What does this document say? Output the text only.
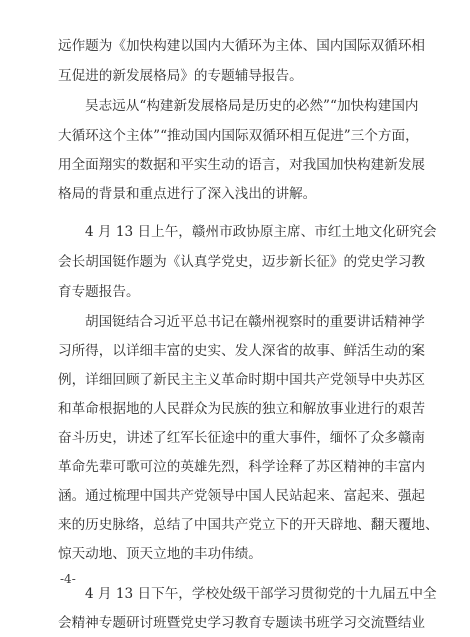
远作题为《加快构建以国内大循环为主体、国内国际双循环相
互促进的新发展格局》的专题辅导报告。
吴志远从“构建新发展格局是历史的必然”“加快构建国内
大循环这个主体”“推动国内国际双循环相互促进”三个方面，
用全面翔实的数据和平实生动的语言，对我国加快构建新发展
格局的背景和重点进行了深入浅出的讲解。
4 月 13 日上午，赣州市政协原主席、市红土地文化研究会
会长胡国铤作题为《认真学党史，迈步新长征》的党史学习教
育专题报告。
胡国铤结合习近平总书记在赣州视察时的重要讲话精神学
习所得，以详细丰富的史实、发人深省的故事、鲜活生动的案
例，详细回顾了新民主主义革命时期中国共产党领导中央苏区
和革命根据地的人民群众为民族的独立和解放事业进行的艰苦
奋斗历史，讲述了红军长征途中的重大事件，缅怀了众多赣南
革命先辈可歌可泣的英雄先烈，科学诠释了苏区精神的丰富内
涵。通过梳理中国共产党领导中国人民站起来、富起来、强起
来的历史脉络，总结了中国共产党立下的开天辟地、翻天覆地、
惊天动地、顶天立地的丰功伟绩。
4 月 13 日下午，学校处级干部学习贯彻党的十九届五中全
会精神专题研讨班暨党史学习教育专题读书班学习交流暨结业
-4-
